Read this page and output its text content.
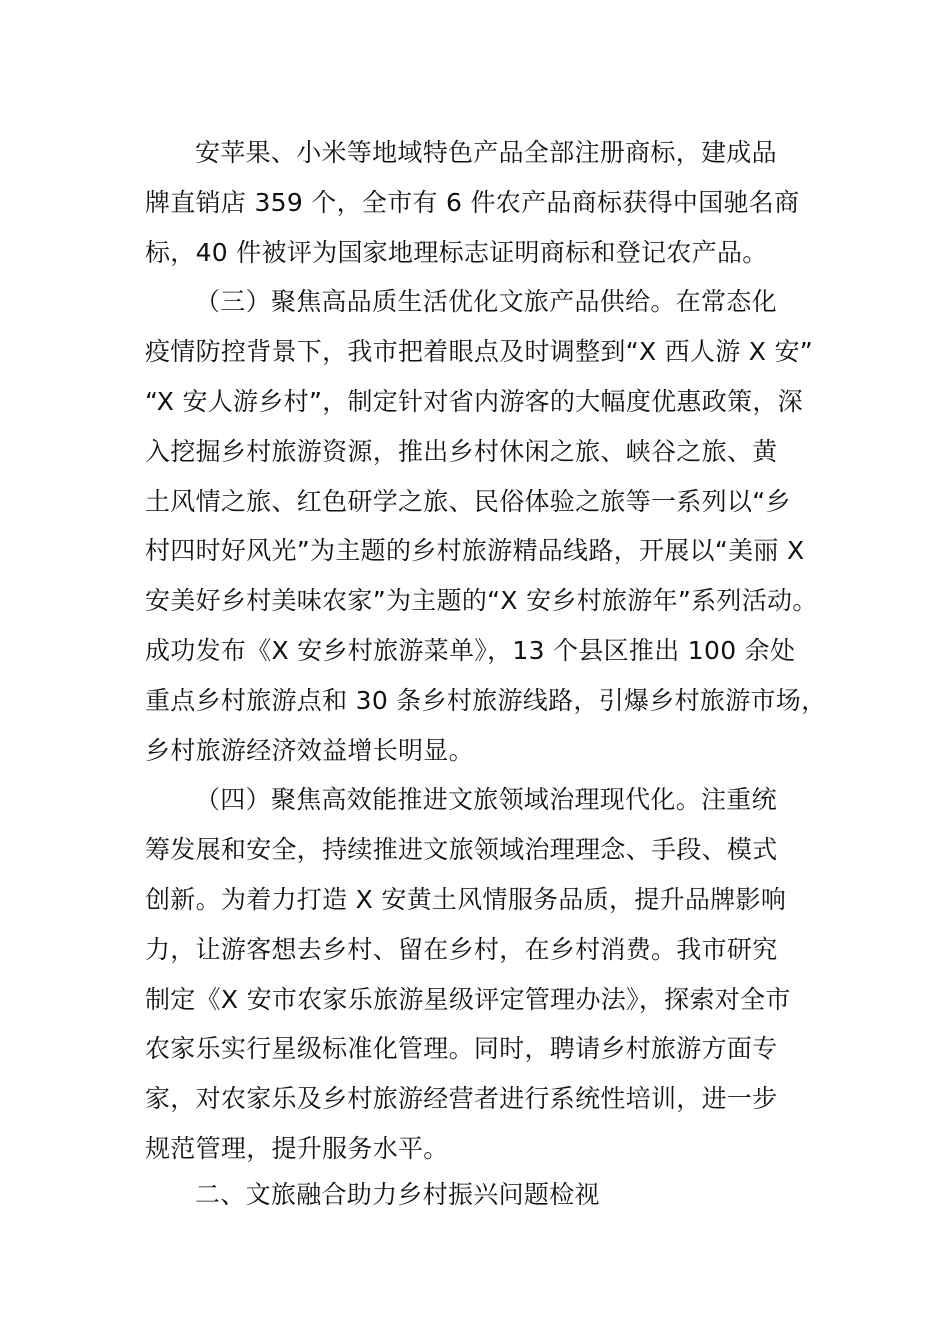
安苹果、小米等地域特色产品全部注册商标，建成品
牌直销店 359 个，全市有 6 件农产品商标获得中国驰名商
标，40 件被评为国家地理标志证明商标和登记农产品。
（三）聚焦高品质生活优化文旅产品供给。在常态化
疫情防控背景下，我市把着眼点及时调整到“X 西人游 X 安”
“X 安人游乡村”，制定针对省内游客的大幅度优惠政策，深
入挖掘乡村旅游资源，推出乡村休闲之旅、峡谷之旅、黄
土风情之旅、红色研学之旅、民俗体验之旅等一系列以“乡
村四时好风光”为主题的乡村旅游精品线路，开展以“美丽 X
安美好乡村美味农家”为主题的“X 安乡村旅游年”系列活动。
成功发布《X 安乡村旅游菜单》，13 个县区推出 100 余处
重点乡村旅游点和 30 条乡村旅游线路，引爆乡村旅游市场，
乡村旅游经济效益增长明显。
（四）聚焦高效能推进文旅领域治理现代化。注重统
筹发展和安全，持续推进文旅领域治理理念、手段、模式
创新。为着力打造 X 安黄土风情服务品质，提升品牌影响
力，让游客想去乡村、留在乡村，在乡村消费。我市研究
制定《X 安市农家乐旅游星级评定管理办法》，探索对全市
农家乐实行星级标准化管理。同时，聘请乡村旅游方面专
家，对农家乐及乡村旅游经营者进行系统性培训，进一步
规范管理，提升服务水平。
二、文旅融合助力乡村振兴问题检视
